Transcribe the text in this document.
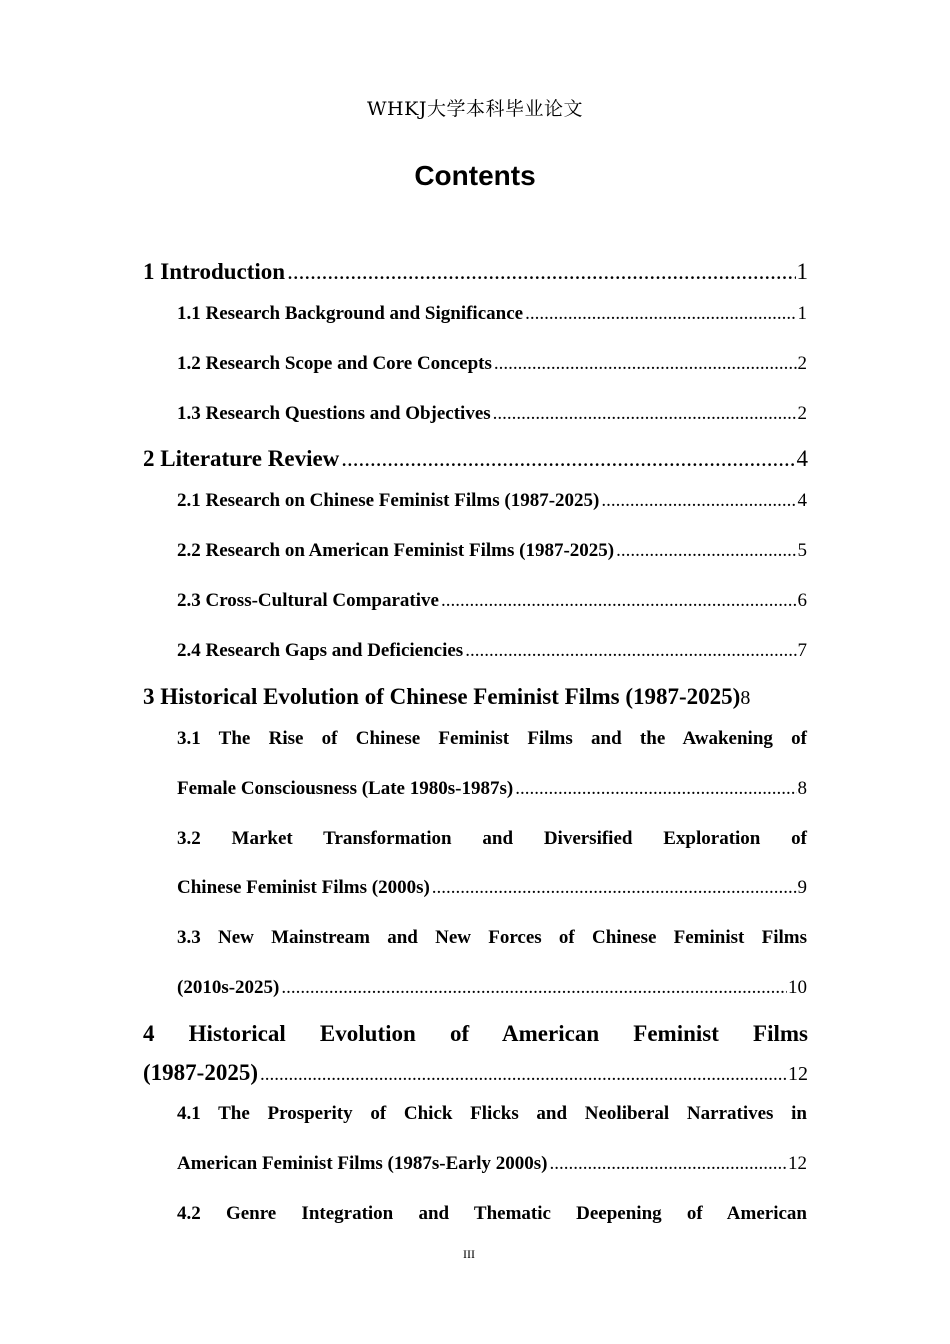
WHKJ大学本科毕业论文
Contents
1 Introduction .....	1
1.1 Research Background and Significance .....	1
1.2 Research Scope and Core Concepts .....	2
1.3 Research Questions and Objectives .....	2
2 Literature Review .....	4
2.1 Research on Chinese Feminist Films (1987-2025) .....	4
2.2 Research on American Feminist Films (1987-2025) .....	5
2.3 Cross-Cultural Comparative .....	6
2.4 Research Gaps and Deficiencies .....	7
3 Historical Evolution of Chinese Feminist Films (1987-2025) 8
3.1 The Rise of Chinese Feminist Films and the Awakening of
Female Consciousness (Late 1980s-1987s) .....	8
3.2 Market Transformation and Diversified Exploration of
Chinese Feminist Films (2000s) .....	9
3.3 New Mainstream and New Forces of Chinese Feminist Films
(2010s-2025) .....	10
4 Historical Evolution of American Feminist Films
(1987-2025) .....	12
4.1 The Prosperity of Chick Flicks and Neoliberal Narratives in
American Feminist Films (1987s-Early 2000s) .....	12
4.2 Genre Integration and Thematic Deepening of American
III
